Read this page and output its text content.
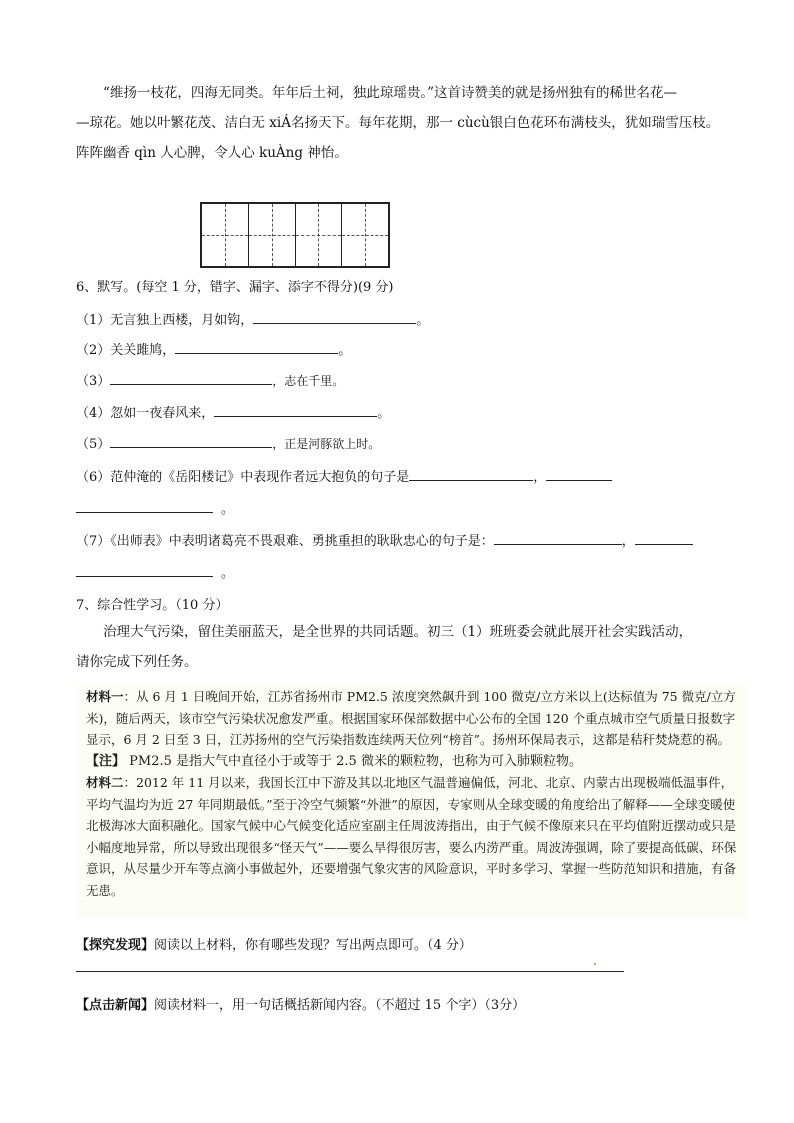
“维扬一枝花，四海无同类。年年后土祠，独此琼瑶贵。”这首诗赞美的就是扬州独有的稀世名花—

—琼花。她以叶繁花茂、洁白无 xiÁ名扬天下。每年花期，那一 cùcù银白色花环布满枝头，犹如瑞雪压枝。

阵阵幽香 qìn 人心脾，令人心 kuÀng 神怡。

6、默写。(每空 1 分，错字、漏字、添字不得分)(9 分)
（1）无言独上西楼，月如钩，	。
（2）关关雎鸠，	。
（3）	，志在千里。
（4）忽如一夜春风来，	。
（5）	，正是河豚欲上时。
（6）范仲淹的《岳阳楼记》中表现作者远大抱负的句子是	，
。
（7）《出师表》中表明诸葛亮不畏艰难、勇挑重担的耿耿忠心的句子是：	，
。
7、综合性学习。（10 分）

治理大气污染，留住美丽蓝天，是全世界的共同话题。初三（1）班班委会就此展开社会实践活动，

请你完成下列任务。

材料一：从 6 月 1 日晚间开始，江苏省扬州市 PM2.5 浓度突然飙升到 100 微克/立方米以上(达标值为 75 微克/立方米)，随后两天，该市空气污染状况愈发严重。根据国家环保部数据中心公布的全国 120 个重点城市空气质量日报数字显示，6 月 2 日至 3 日，江苏扬州的空气污染指数连续两天位列“榜首”。扬州环保局表示，这都是秸秆焚烧惹的祸。

【注】 PM2.5 是指大气中直径小于或等于 2.5 微米的颗粒物，也称为可入肺颗粒物。

材料二：2012 年 11 月以来，我国长江中下游及其以北地区气温普遍偏低，河北、北京、内蒙古出现极端低温事件，平均气温均为近 27 年同期最低。”至于冷空气频繁“外泄”的原因，专家则从全球变暖的角度给出了解释——全球变暖使北极海冰大面积融化。国家气候中心气候变化适应室副主任周波涛指出，由于气候不像原来只在平均值附近摆动或只是小幅度地异常，所以导致出现很多“怪天气”——要么旱得很厉害，要么内涝严重。周波涛强调，除了要提高低碳、环保意识，从尽量少开车等点滴小事做起外，还要增强气象灾害的风险意识，平时多学习、掌握一些防范知识和措施，有备无患。

【探究发现】阅读以上材料，你有哪些发现？写出两点即可。（4 分）
【点击新闻】阅读材料一，用一句话概括新闻内容。（不超过 15 个字）（3分）
